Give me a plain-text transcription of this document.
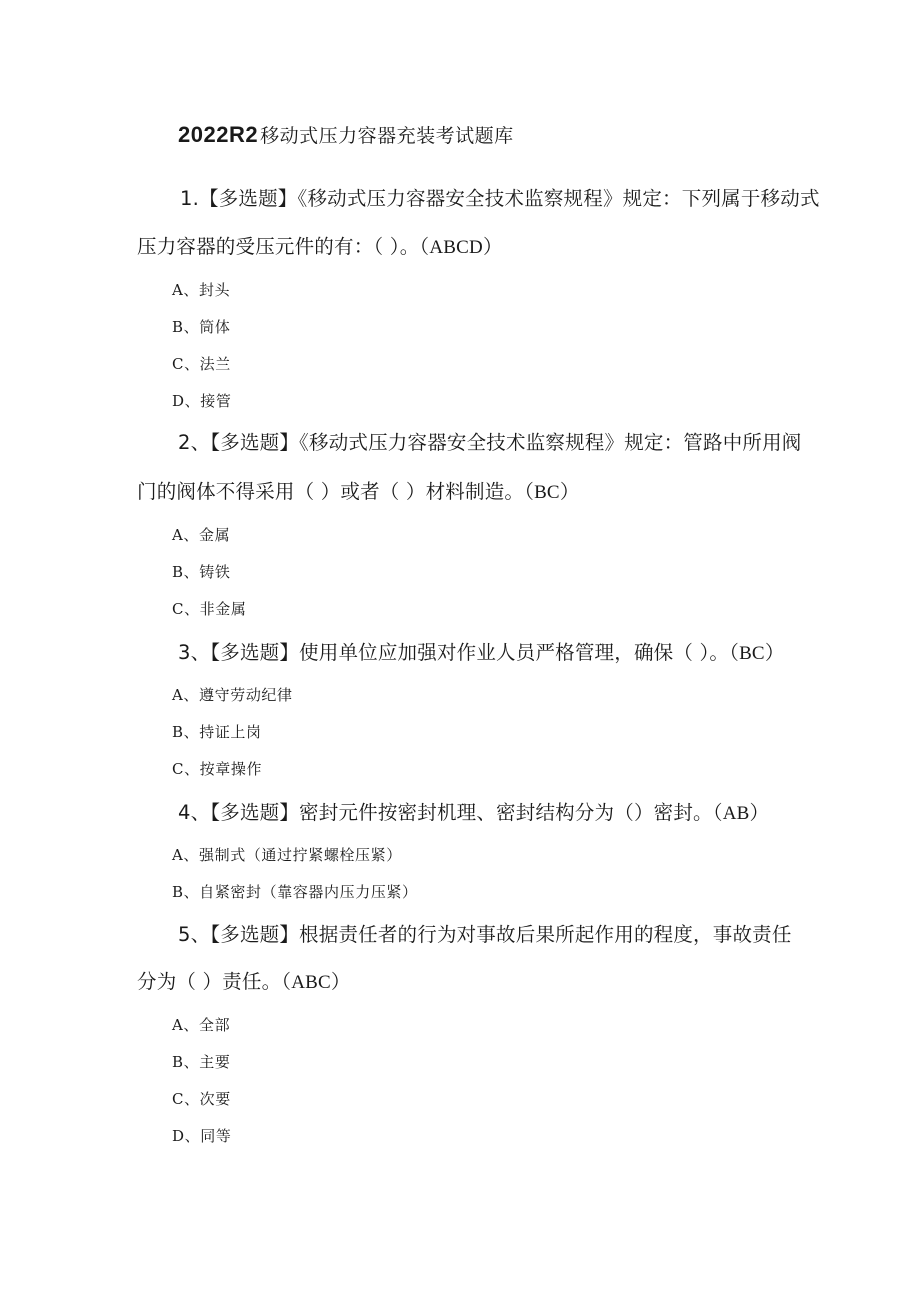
2022R2 移动式压力容器充装考试题库
1.【多选题】《移动式压力容器安全技术监察规程》规定：下列属于移动式
压力容器的受压元件的有：（ ）。（ABCD）
A、封头
B、筒体
C、法兰
D、接管
2、【多选题】《移动式压力容器安全技术监察规程》规定：管路中所用阀
门的阀体不得采用（ ）或者（ ）材料制造。（BC）
A、金属
B、铸铁
C、非金属
3、【多选题】使用单位应加强对作业人员严格管理，确保（ ）。（BC）
A、遵守劳动纪律
B、持证上岗
C、按章操作
4、【多选题】密封元件按密封机理、密封结构分为（）密封。（AB）
A、强制式（通过拧紧螺栓压紧）
B、自紧密封（靠容器内压力压紧）
5、【多选题】根据责任者的行为对事故后果所起作用的程度，事故责任
分为（ ）责任。（ABC）
A、全部
B、主要
C、次要
D、同等
